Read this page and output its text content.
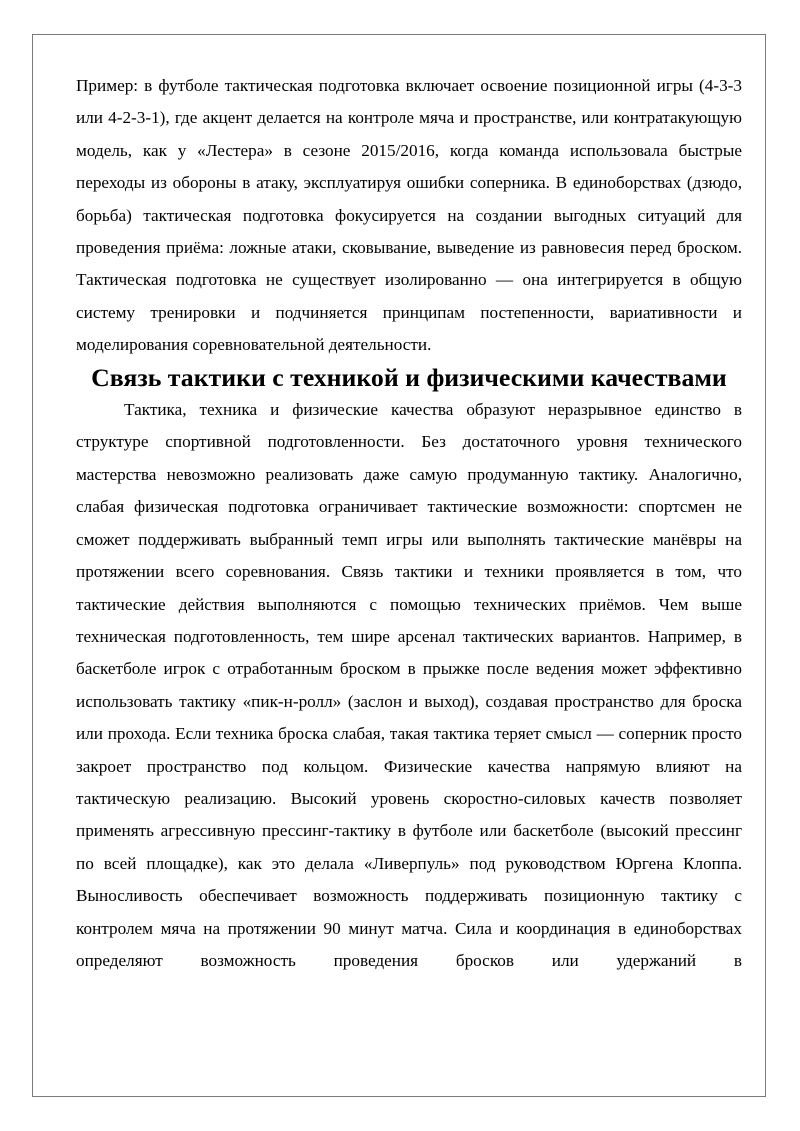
Пример: в футболе тактическая подготовка включает освоение позиционной игры (4-3-3 или 4-2-3-1), где акцент делается на контроле мяча и пространстве, или контратакующую модель, как у «Лестера» в сезоне 2015/2016, когда команда использовала быстрые переходы из обороны в атаку, эксплуатируя ошибки соперника. В единоборствах (дзюдо, борьба) тактическая подготовка фокусируется на создании выгодных ситуаций для проведения приёма: ложные атаки, сковывание, выведение из равновесия перед броском. Тактическая подготовка не существует изолированно — она интегрируется в общую систему тренировки и подчиняется принципам постепенности, вариативности и моделирования соревновательной деятельности.

Связь тактики с техникой и физическими качествами

Тактика, техника и физические качества образуют неразрывное единство в структуре спортивной подготовленности. Без достаточного уровня технического мастерства невозможно реализовать даже самую продуманную тактику. Аналогично, слабая физическая подготовка ограничивает тактические возможности: спортсмен не сможет поддерживать выбранный темп игры или выполнять тактические манёвры на протяжении всего соревнования. Связь тактики и техники проявляется в том, что тактические действия выполняются с помощью технических приёмов. Чем выше техническая подготовленность, тем шире арсенал тактических вариантов. Например, в баскетболе игрок с отработанным броском в прыжке после ведения может эффективно использовать тактику «пик-н-ролл» (заслон и выход), создавая пространство для броска или прохода. Если техника броска слабая, такая тактика теряет смысл — соперник просто закроет пространство под кольцом. Физические качества напрямую влияют на тактическую реализацию. Высокий уровень скоростно-силовых качеств позволяет применять агрессивную прессинг-тактику в футболе или баскетболе (высокий прессинг по всей площадке), как это делала «Ливерпуль» под руководством Юргена Клоппа. Выносливость обеспечивает возможность поддерживать позиционную тактику с контролем мяча на протяжении 90 минут матча. Сила и координация в единоборствах определяют возможность проведения бросков или удержаний в
